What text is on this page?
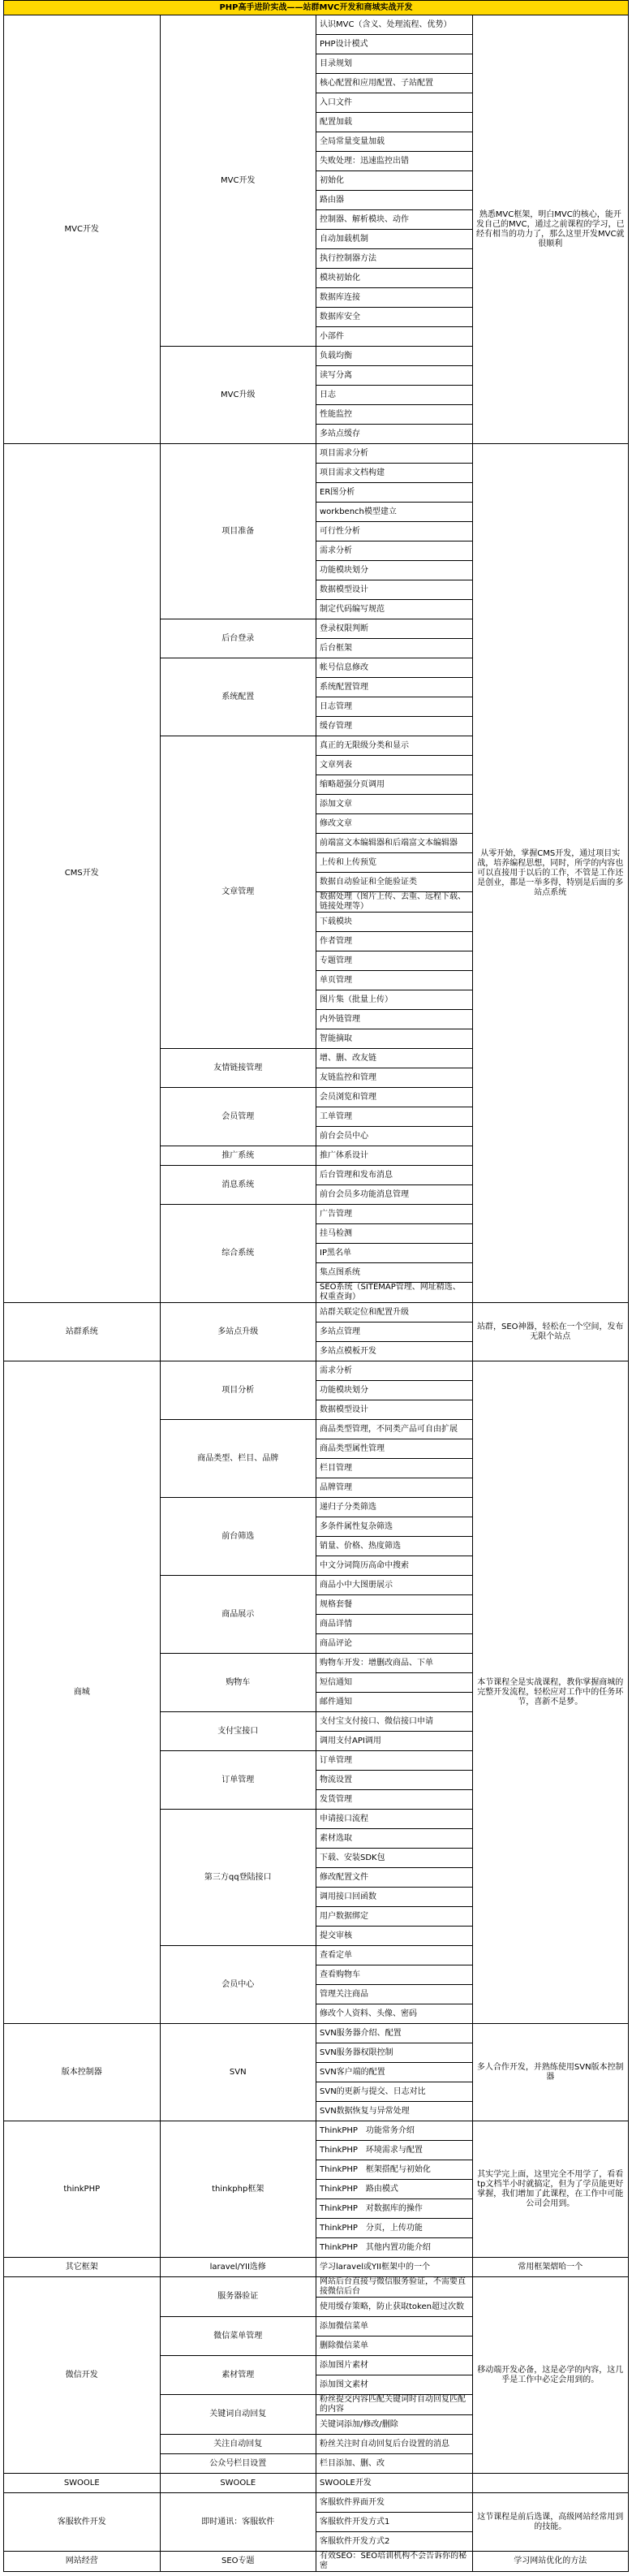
PHP高手进阶实战——站群MVC开发和商城实战开发			
MVC开发	MVC开发	认识MVC（含义、处理流程、优势）	熟悉MVC框架，明白MVC的核心，能开发自己的MVC，通过之前课程的学习，已经有相当的功力了，那么这里开发MVC就很顺利
		PHP设计模式	
		目录规划	
		核心配置和应用配置、子站配置	
		入口文件	
		配置加载	
		全局常量变量加载	
		失败处理：迅速监控出错	
		初始化	
		路由器	
		控制器、解析模块、动作	
		自动加载机制	
		执行控制器方法	
		模块初始化	
		数据库连接	
		数据库安全	
		小部件	
	MVC升级	负载均衡	
		读写分离	
		日志	
		性能监控	
		多站点缓存	
CMS开发	项目准备	项目需求分析	从零开始，掌握CMS开发，通过项目实战，培养编程思想，同时，所学的内容也可以直接用于以后的工作，不管是工作还是创业，都是一举多得，特别是后面的多站点系统
		项目需求文档构建	
		ER图分析	
		workbench模型建立	
		可行性分析	
		需求分析	
		功能模块划分	
		数据模型设计	
		制定代码编写规范	
	后台登录	登录权限判断	
		后台框架	
	系统配置	帐号信息修改	
		系统配置管理	
		日志管理	
		缓存管理	
	文章管理	真正的无限级分类和显示	
		文章列表	
		缩略超强分页调用	
		添加文章	
		修改文章	
		前端富文本编辑器和后端富文本编辑器	
		上传和上传预览	
		数据自动验证和全能验证类	
		数据处理（图片上传、去重、远程下载、链接处理等）	
		下载模块	
		作者管理	
		专题管理	
		单页管理	
		图片集（批量上传）	
		内外链管理	
		智能摘取	
	友情链接管理	增、删、改友链	
		友链监控和管理	
	会员管理	会员浏览和管理	
		工单管理	
		前台会员中心	
	推广系统	推广体系设计	
	消息系统	后台管理和发布消息	
		前台会员多功能消息管理	
	综合系统	广告管理	
		挂马检测	
		IP黑名单	
		集点图系统	
		SEO系统（SITEMAP管理、网址精选、权重查询）	
站群系统	多站点升级	站群关联定位和配置升级	站群，SEO神器，轻松在一个空间，发布无限个站点
		多站点管理	
		多站点模板开发	
商城	项目分析	需求分析	本节课程全是实战课程，教你掌握商城的完整开发流程，轻松应对工作中的任务环节，喜新不是梦。
		功能模块划分	
		数据模型设计	
	商品类型、栏目、品牌	商品类型管理，不同类产品可自由扩展	
		商品类型属性管理	
		栏目管理	
		品牌管理	
	前台筛选	递归子分类筛选	
		多条件属性复杂筛选	
		销量、价格、热度筛选	
		中文分词简历高命中搜索	
	商品展示	商品小中大图册展示	
		规格套餐	
		商品详情	
		商品评论	
	购物车	购物车开发：增删改商品、下单	
		短信通知	
		邮件通知	
	支付宝接口	支付宝支付接口、微信接口申请	
		调用支付API调用	
	订单管理	订单管理	
		物流设置	
		发货管理	
	第三方qq登陆接口	申请接口流程	
		素材选取	
		下载、安装SDK包	
		修改配置文件	
		调用接口回函数	
		用户数据绑定	
		提交审核	
	会员中心	查看定单	
		查看购物车	
		管理关注商品	
		修改个人资料、头像、密码	
版本控制器	SVN	SVN服务器介绍、配置	多人合作开发，并熟练使用SVN版本控制器
		SVN服务器权限控制	
		SVN客户端的配置	
		SVN的更新与提交、日志对比	
		SVN数据恢复与异常处理	
thinkPHP	thinkphp框架	ThinkPHP　功能常务介绍	其实学完上面，这里完全不用学了，看看tp文档半小时就搞定，但为了学员能更好掌握，我们增加了此课程，在工作中可能公司会用到。
		ThinkPHP　环境需求与配置	
		ThinkPHP　框架搭配与初始化	
		ThinkPHP　路由模式	
		ThinkPHP　对数据库的操作	
		ThinkPHP　分页，上传功能	
		ThinkPHP　其他内置功能介绍	
其它框架	laravel/YII选修	学习laravel或YII框架中的一个	常用框架熠哈一个
微信开发	服务器验证	网站后台直接与微信服务验证，不需要直接微信后台	移动端开发必备，这是必学的内容，这几乎是工作中必定会用到的。
		使用缓存策略，防止获取token超过次数	
	微信菜单管理	添加微信菜单	
		删除微信菜单	
	素材管理	添加图片素材	
		添加图文素材	
	关键词自动回复	粉丝提交内容匹配关键词时自动回复匹配的内容	
		关键词添加/修改/删除	
	关注自动回复	粉丝关注时自动回复后台设置的消息	
	公众号栏目设置	栏目添加、删、改	
SWOOLE	SWOOLE	SWOOLE开发	
客服软件开发	即时通讯：客服软件	客服软件界面开发	这节课程是前后选课，高级网站经常用到的技能。
		客服软件开发方式1	
		客服软件开发方式2	
网站经营	SEO专题	有效SEO：SEO培训机构不会告诉你的秘密	学习网站优化的方法
